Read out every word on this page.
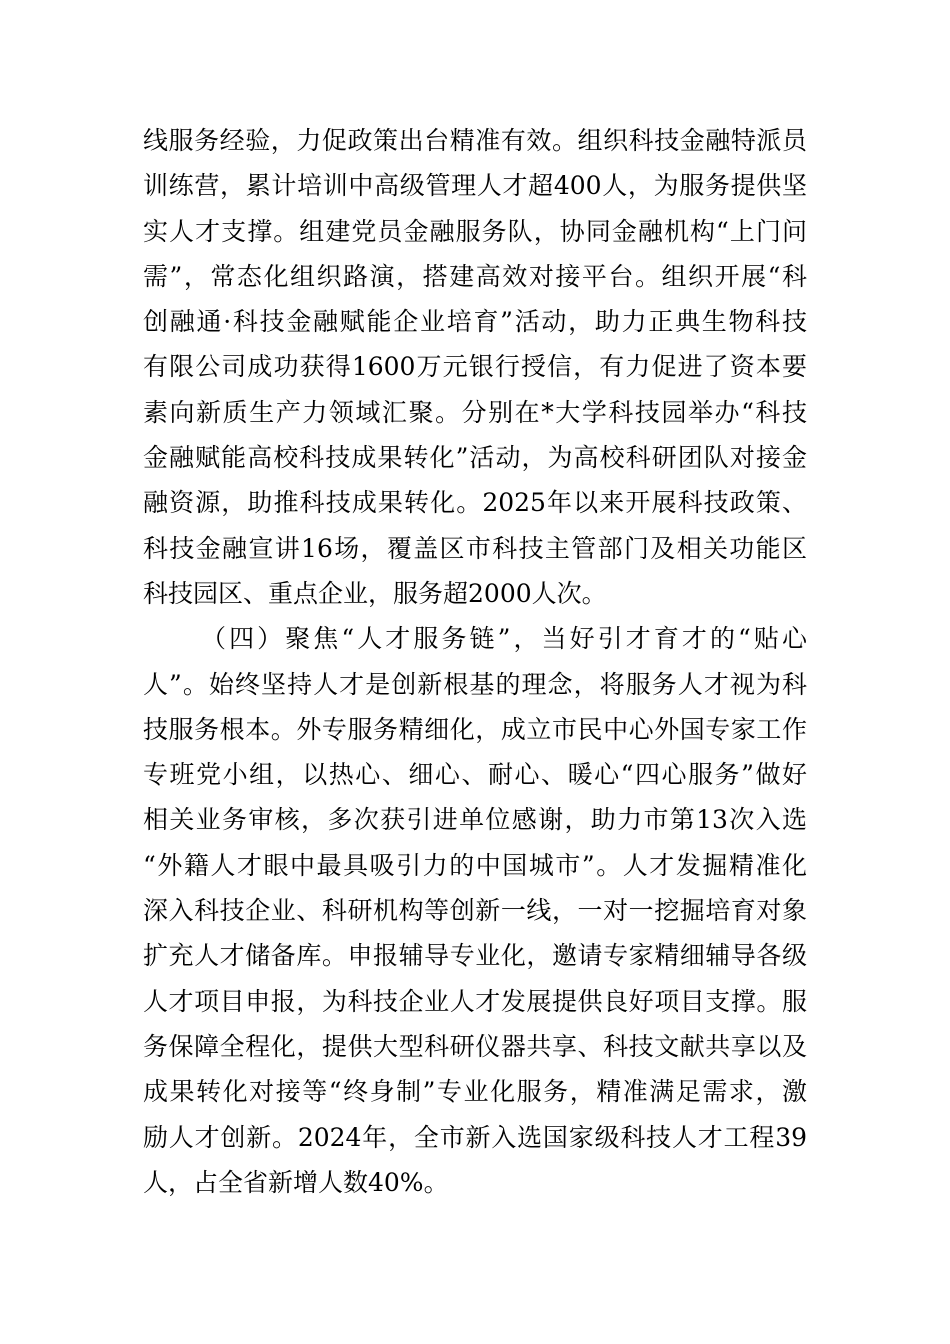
线服务经验，力促政策出台精准有效。组织科技金融特派员
训练营，累计培训中高级管理人才超400人，为服务提供坚
实人才支撑。组建党员金融服务队，协同金融机构“上门问
需”，常态化组织路演，搭建高效对接平台。组织开展“科
创融通·科技金融赋能企业培育”活动，助力正典生物科技
有限公司成功获得1600万元银行授信，有力促进了资本要
素向新质生产力领域汇聚。分别在*大学科技园举办“科技
金融赋能高校科技成果转化”活动，为高校科研团队对接金
融资源，助推科技成果转化。2025年以来开展科技政策、
科技金融宣讲16场，覆盖区市科技主管部门及相关功能区
科技园区、重点企业，服务超2000人次。
（四）聚焦“人才服务链”，当好引才育才的“贴心
人”。始终坚持人才是创新根基的理念，将服务人才视为科
技服务根本。外专服务精细化，成立市民中心外国专家工作
专班党小组，以热心、细心、耐心、暖心“四心服务”做好
相关业务审核，多次获引进单位感谢，助力市第13次入选
“外籍人才眼中最具吸引力的中国城市”。人才发掘精准化
深入科技企业、科研机构等创新一线，一对一挖掘培育对象
扩充人才储备库。申报辅导专业化，邀请专家精细辅导各级
人才项目申报，为科技企业人才发展提供良好项目支撑。服
务保障全程化，提供大型科研仪器共享、科技文献共享以及
成果转化对接等“终身制”专业化服务，精准满足需求，激
励人才创新。2024年，全市新入选国家级科技人才工程39
人，占全省新增人数40%。
